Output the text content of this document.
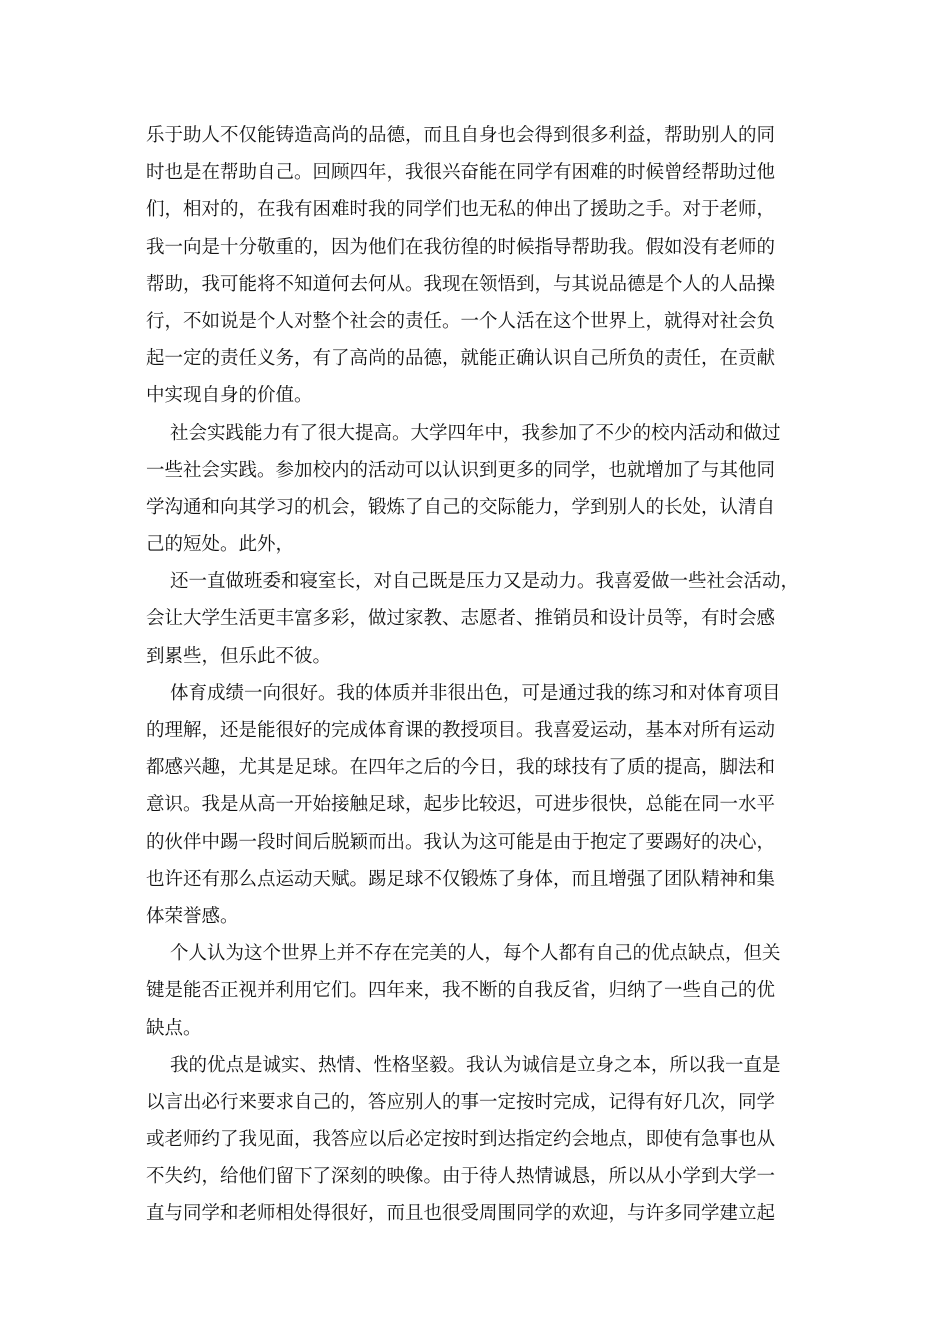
乐于助人不仅能铸造高尚的品德，而且自身也会得到很多利益，帮助别人的同
时也是在帮助自己。回顾四年，我很兴奋能在同学有困难的时候曾经帮助过他
们，相对的，在我有困难时我的同学们也无私的伸出了援助之手。对于老师，
我一向是十分敬重的，因为他们在我彷徨的时候指导帮助我。假如没有老师的
帮助，我可能将不知道何去何从。我现在领悟到，与其说品德是个人的人品操
行，不如说是个人对整个社会的责任。一个人活在这个世界上，就得对社会负
起一定的责任义务，有了高尚的品德，就能正确认识自己所负的责任，在贡献
中实现自身的价值。
社会实践能力有了很大提高。大学四年中，我参加了不少的校内活动和做过
一些社会实践。参加校内的活动可以认识到更多的同学，也就增加了与其他同
学沟通和向其学习的机会，锻炼了自己的交际能力，学到别人的长处，认清自
己的短处。此外，
还一直做班委和寝室长，对自己既是压力又是动力。我喜爱做一些社会活动，
会让大学生活更丰富多彩，做过家教、志愿者、推销员和设计员等，有时会感
到累些，但乐此不彼。
体育成绩一向很好。我的体质并非很出色，可是通过我的练习和对体育项目
的理解，还是能很好的完成体育课的教授项目。我喜爱运动，基本对所有运动
都感兴趣，尤其是足球。在四年之后的今日，我的球技有了质的提高，脚法和
意识。我是从高一开始接触足球，起步比较迟，可进步很快，总能在同一水平
的伙伴中踢一段时间后脱颖而出。我认为这可能是由于抱定了要踢好的决心，
也许还有那么点运动天赋。踢足球不仅锻炼了身体，而且增强了团队精神和集
体荣誉感。
个人认为这个世界上并不存在完美的人，每个人都有自己的优点缺点，但关
键是能否正视并利用它们。四年来，我不断的自我反省，归纳了一些自己的优
缺点。
我的优点是诚实、热情、性格坚毅。我认为诚信是立身之本，所以我一直是
以言出必行来要求自己的，答应别人的事一定按时完成，记得有好几次，同学
或老师约了我见面，我答应以后必定按时到达指定约会地点，即使有急事也从
不失约，给他们留下了深刻的映像。由于待人热情诚恳，所以从小学到大学一
直与同学和老师相处得很好，而且也很受周围同学的欢迎，与许多同学建立起
